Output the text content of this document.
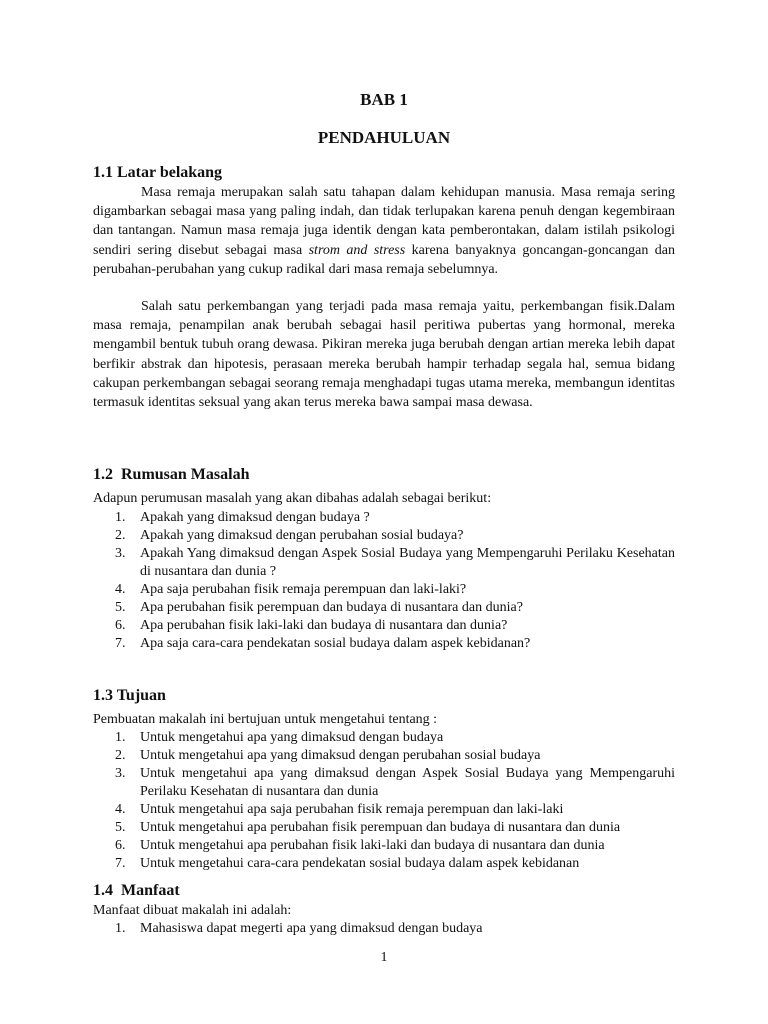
BAB 1
PENDAHULUAN
1.1 Latar belakang

Masa remaja merupakan salah satu tahapan dalam kehidupan manusia. Masa remaja sering digambarkan sebagai masa yang paling indah, dan tidak terlupakan karena penuh dengan kegembiraan dan tantangan. Namun masa remaja juga identik dengan kata pemberontakan, dalam istilah psikologi sendiri sering disebut sebagai masa strom and stress karena banyaknya goncangan-goncangan dan perubahan-perubahan yang cukup radikal dari masa remaja sebelumnya.

Salah satu perkembangan yang terjadi pada masa remaja yaitu, perkembangan fisik.Dalam masa remaja, penampilan anak berubah sebagai hasil peritiwa pubertas yang hormonal, mereka mengambil bentuk tubuh orang dewasa. Pikiran mereka juga berubah dengan artian mereka lebih dapat berfikir abstrak dan hipotesis, perasaan mereka berubah hampir terhadap segala hal, semua bidang cakupan perkembangan sebagai seorang remaja menghadapi tugas utama mereka, membangun identitas termasuk identitas seksual yang akan terus mereka bawa sampai masa dewasa.

1.2  Rumusan Masalah

Adapun perumusan masalah yang akan dibahas adalah sebagai berikut:

1. Apakah yang dimaksud dengan budaya ?
2. Apakah yang dimaksud dengan perubahan sosial budaya?
3. Apakah Yang dimaksud dengan Aspek Sosial Budaya yang Mempengaruhi Perilaku Kesehatan di nusantara dan dunia ?
4. Apa saja perubahan fisik remaja perempuan dan laki-laki?
5. Apa perubahan fisik perempuan dan budaya di nusantara dan dunia?
6. Apa perubahan fisik laki-laki dan budaya di nusantara dan dunia?
7. Apa saja cara-cara pendekatan sosial budaya dalam aspek kebidanan?
1.3 Tujuan

Pembuatan makalah ini bertujuan untuk mengetahui tentang :

1. Untuk mengetahui apa yang dimaksud dengan budaya
2. Untuk mengetahui apa yang dimaksud dengan perubahan sosial budaya
3. Untuk mengetahui apa yang dimaksud dengan Aspek Sosial Budaya yang Mempengaruhi Perilaku Kesehatan di nusantara dan dunia
4. Untuk mengetahui apa saja perubahan fisik remaja perempuan dan laki-laki
5. Untuk mengetahui apa perubahan fisik perempuan dan budaya di nusantara dan dunia
6. Untuk mengetahui apa perubahan fisik laki-laki dan budaya di nusantara dan dunia
7. Untuk mengetahui cara-cara pendekatan sosial budaya dalam aspek kebidanan
1.4  Manfaat

Manfaat dibuat makalah ini adalah:

1. Mahasiswa dapat megerti apa yang dimaksud dengan budaya

1
